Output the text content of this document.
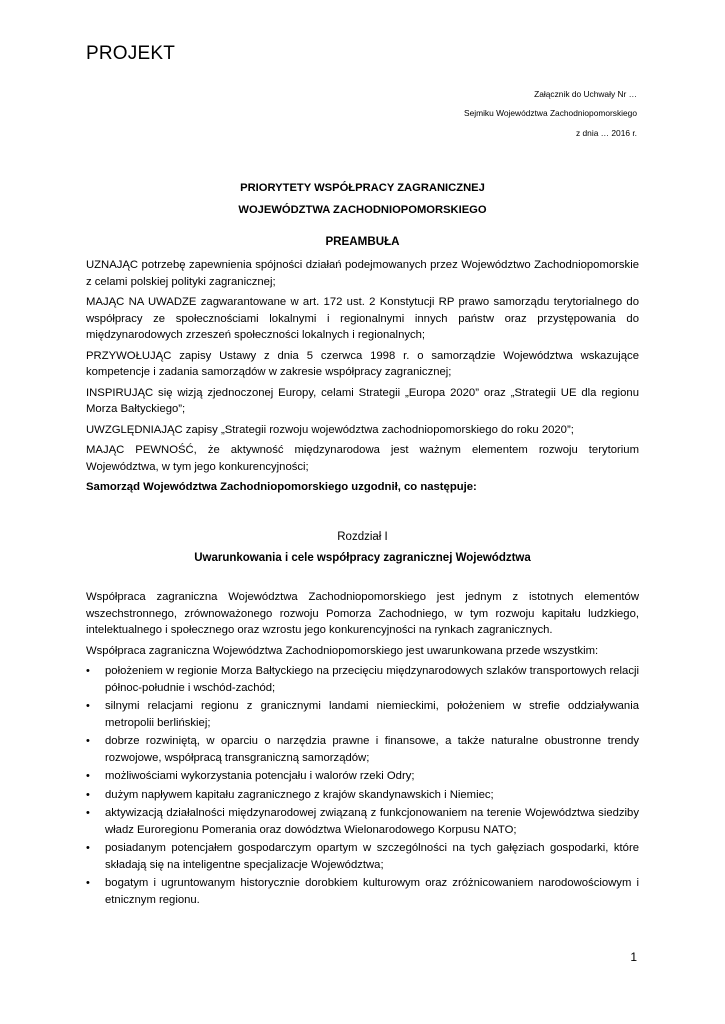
PROJEKT
Załącznik do Uchwały Nr …
Sejmiku Województwa Zachodniopomorskiego
z dnia … 2016 r.
PRIORYTETY WSPÓŁPRACY ZAGRANICZNEJ
WOJEWÓDZTWA ZACHODNIOPOMORSKIEGO
PREAMBUŁA

UZNAJĄC potrzebę zapewnienia spójności działań podejmowanych przez Województwo Zachodniopomorskie z celami polskiej polityki zagranicznej;

MAJĄC NA UWADZE zagwarantowane w art. 172 ust. 2 Konstytucji RP prawo samorządu terytorialnego do współpracy ze społecznościami lokalnymi i regionalnymi innych państw oraz przystępowania do międzynarodowych zrzeszeń społeczności lokalnych i regionalnych;

PRZYWOŁUJĄC zapisy Ustawy z dnia 5 czerwca 1998 r. o samorządzie Województwa wskazujące kompetencje i zadania samorządów w zakresie współpracy zagranicznej;

INSPIRUJĄC się wizją zjednoczonej Europy, celami Strategii „Europa 2020” oraz „Strategii UE dla regionu Morza Bałtyckiego”;

UWZGLĘDNIAJĄC zapisy „Strategii rozwoju województwa zachodniopomorskiego do roku 2020”;

MAJĄC PEWNOŚĆ, że aktywność międzynarodowa jest ważnym elementem rozwoju terytorium Województwa, w tym jego konkurencyjności;

Samorząd Województwa Zachodniopomorskiego uzgodnił, co następuje:

Rozdział I
Uwarunkowania i cele współpracy zagranicznej Województwa

Współpraca zagraniczna Województwa Zachodniopomorskiego jest jednym z istotnych elementów wszechstronnego, zrównoważonego rozwoju Pomorza Zachodniego, w tym rozwoju kapitału ludzkiego, intelektualnego i społecznego oraz wzrostu jego konkurencyjności na rynkach zagranicznych.

Współpraca zagraniczna Województwa Zachodniopomorskiego jest uwarunkowana przede wszystkim:

• położeniem w regionie Morza Bałtyckiego na przecięciu międzynarodowych szlaków transportowych relacji północ-południe i wschód-zachód;
• silnymi relacjami regionu z granicznymi landami niemieckimi, położeniem w strefie oddziaływania metropolii berlińskiej;
• dobrze rozwiniętą, w oparciu o narzędzia prawne i finansowe, a także naturalne obustronne trendy rozwojowe, współpracą transgraniczną samorządów;
• możliwościami wykorzystania potencjału i walorów rzeki Odry;
• dużym napływem kapitału zagranicznego z krajów skandynawskich i Niemiec;
• aktywizacją działalności międzynarodowej związaną z funkcjonowaniem na terenie Województwa siedziby władz Euroregionu Pomerania oraz dowództwa Wielonarodowego Korpusu NATO;
• posiadanym potencjałem gospodarczym opartym w szczególności na tych gałęziach gospodarki, które składają się na inteligentne specjalizacje Województwa;
• bogatym i ugruntowanym historycznie dorobkiem kulturowym oraz zróżnicowaniem narodowościowym i etnicznym regionu.
1
